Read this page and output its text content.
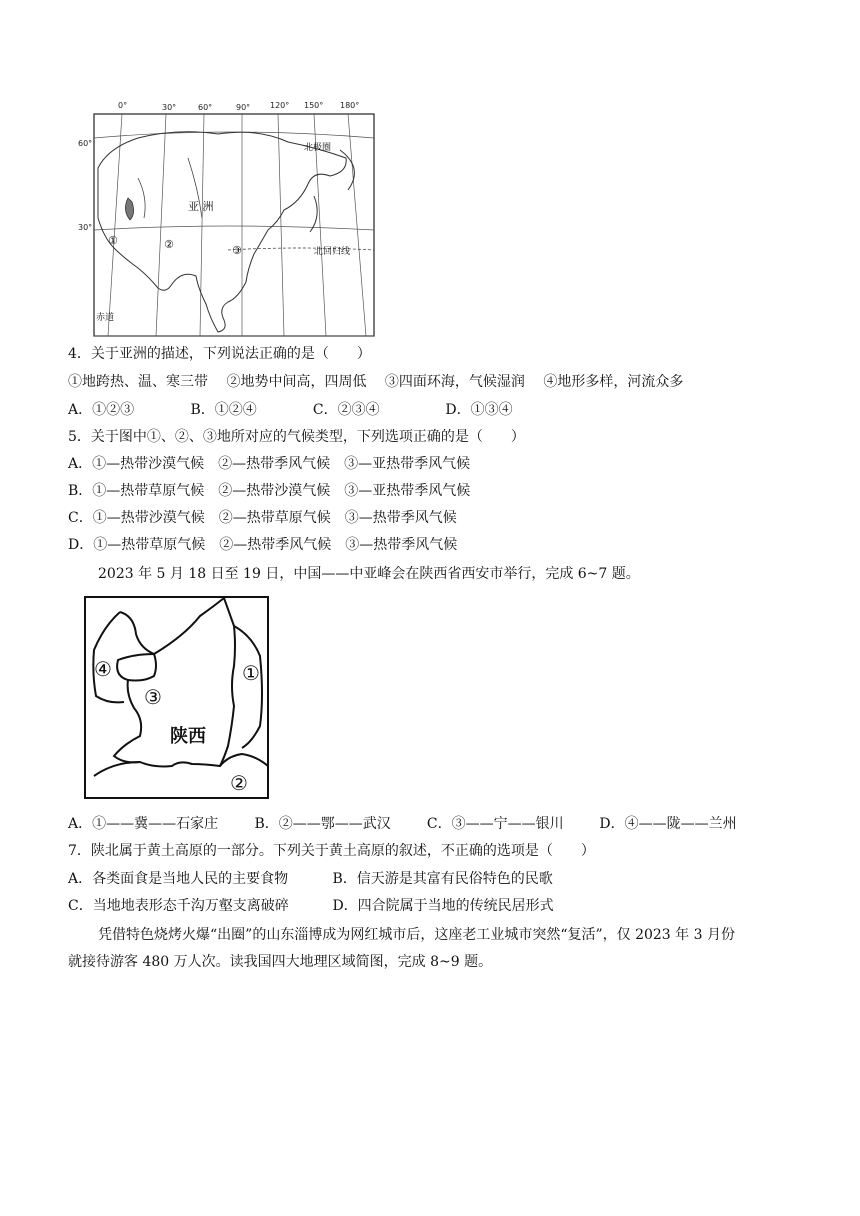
0°	30°	60°	90° 120° 150° 180°
60°
30°
亚 洲
北极圈
北回归线
赤道
①	②	③
4．关于亚洲的描述，下列说法正确的是（　　）
①地跨热、温、寒三带　 ②地势中间高，四周低　 ③四面环海，气候湿润　 ④地形多样，河流众多
A．①②③	B．①②④	C．②③④	D．①③④
5．关于图中①、②、③地所对应的气候类型，下列选项正确的是（　　）
A．①—热带沙漠气候　②—热带季风气候　③—亚热带季风气候
B．①—热带草原气候　②—热带沙漠气候　③—亚热带季风气候
C．①—热带沙漠气候　②—热带草原气候　③—热带季风气候
D．①—热带草原气候　②—热带季风气候　③—热带季风气候
2023 年 5 月 18 日至 19 日，中国——中亚峰会在陕西省西安市举行，完成 6~7 题。
④
③
①
②
陕西
A．①——冀——石家庄	B．②——鄂——武汉	C．③——宁——银川	D．④——陇——兰州
7．陕北属于黄土高原的一部分。下列关于黄土高原的叙述，不正确的选项是（　　）
A．各类面食是当地人民的主要食物	B．信天游是其富有民俗特色的民歌
C．当地地表形态千沟万壑支离破碎	D．四合院属于当地的传统民居形式
凭借特色烧烤火爆“出圈”的山东淄博成为网红城市后，这座老工业城市突然“复活”，仅 2023 年 3 月份
就接待游客 480 万人次。读我国四大地理区域简图，完成 8~9 题。
